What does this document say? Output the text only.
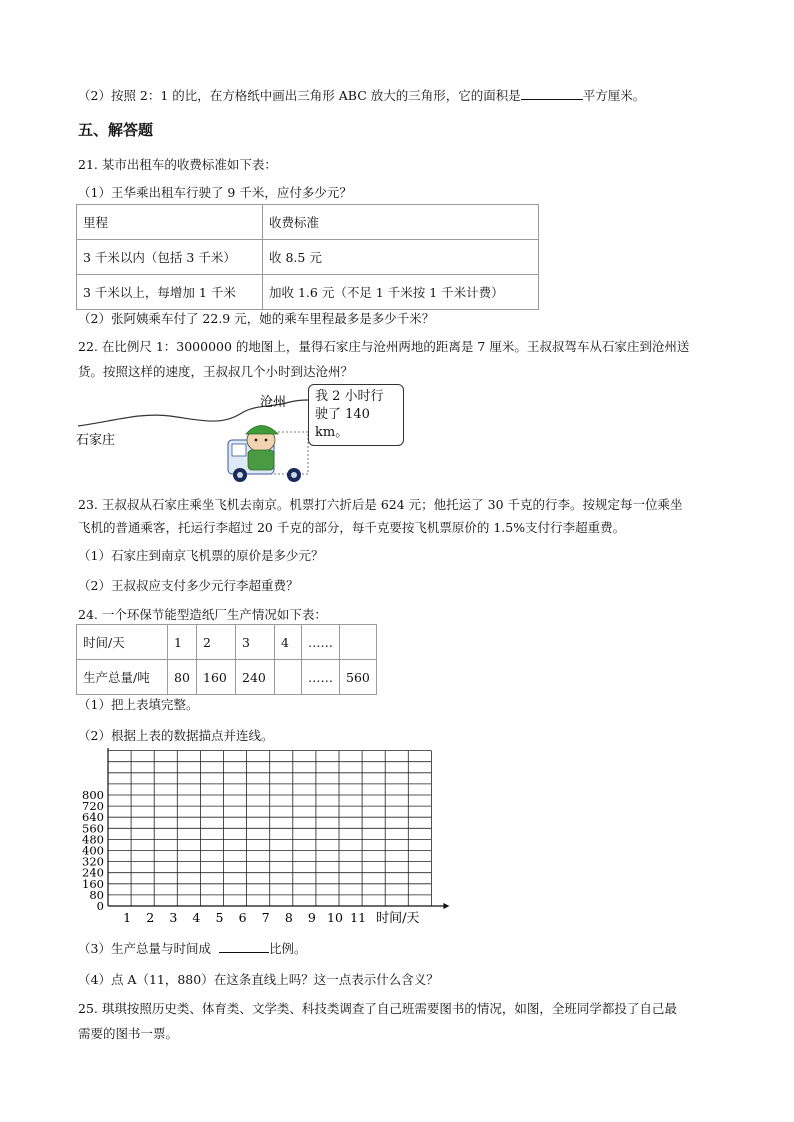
（2）按照 2：1 的比，在方格纸中画出三角形 ABC 放大的三角形，它的面积是	平方厘米。
五、解答题
21. 某市出租车的收费标准如下表：
（1）王华乘出租车行驶了 9 千米，应付多少元？
里程	收费标准
3 千米以内（包括 3 千米）	收 8.5 元
3 千米以上，每增加 1 千米	加收 1.6 元（不足 1 千米按 1 千米计费）
（2）张阿姨乘车付了 22.9 元，她的乘车里程最多是多少千米？
22. 在比例尺 1：3000000 的地图上，量得石家庄与沧州两地的距离是 7 厘米。王叔叔驾车从石家庄到沧州送
货。按照这样的速度，王叔叔几个小时到达沧州？
石家庄
沧州 我 2 小时行
驶了 140 km。
23. 王叔叔从石家庄乘坐飞机去南京。机票打六折后是 624 元；他托运了 30 千克的行李。按规定每一位乘坐
飞机的普通乘客，托运行李超过 20 千克的部分，每千克要按飞机票原价的 1.5%支付行李超重费。
（1）石家庄到南京飞机票的原价是多少元？
（2）王叔叔应支付多少元行李超重费？
24. 一个环保节能型造纸厂生产情况如下表：
时间/天	1	2	3	4	……	
生产总量/吨	80	160	240		……	560
（1）把上表填完整。
（2）根据上表的数据描点并连线。
0
80
160
240
320
400
480
560
640
720
800
1 2 3 4 5 6 7 8 9 10 11 时间/天
（3）生产总量与时间成	比例。
（4）点 A（11，880）在这条直线上吗？这一点表示什么含义？
25. 琪琪按照历史类、体育类、文学类、科技类调查了自己班需要图书的情况，如图，全班同学都投了自己最
需要的图书一票。
